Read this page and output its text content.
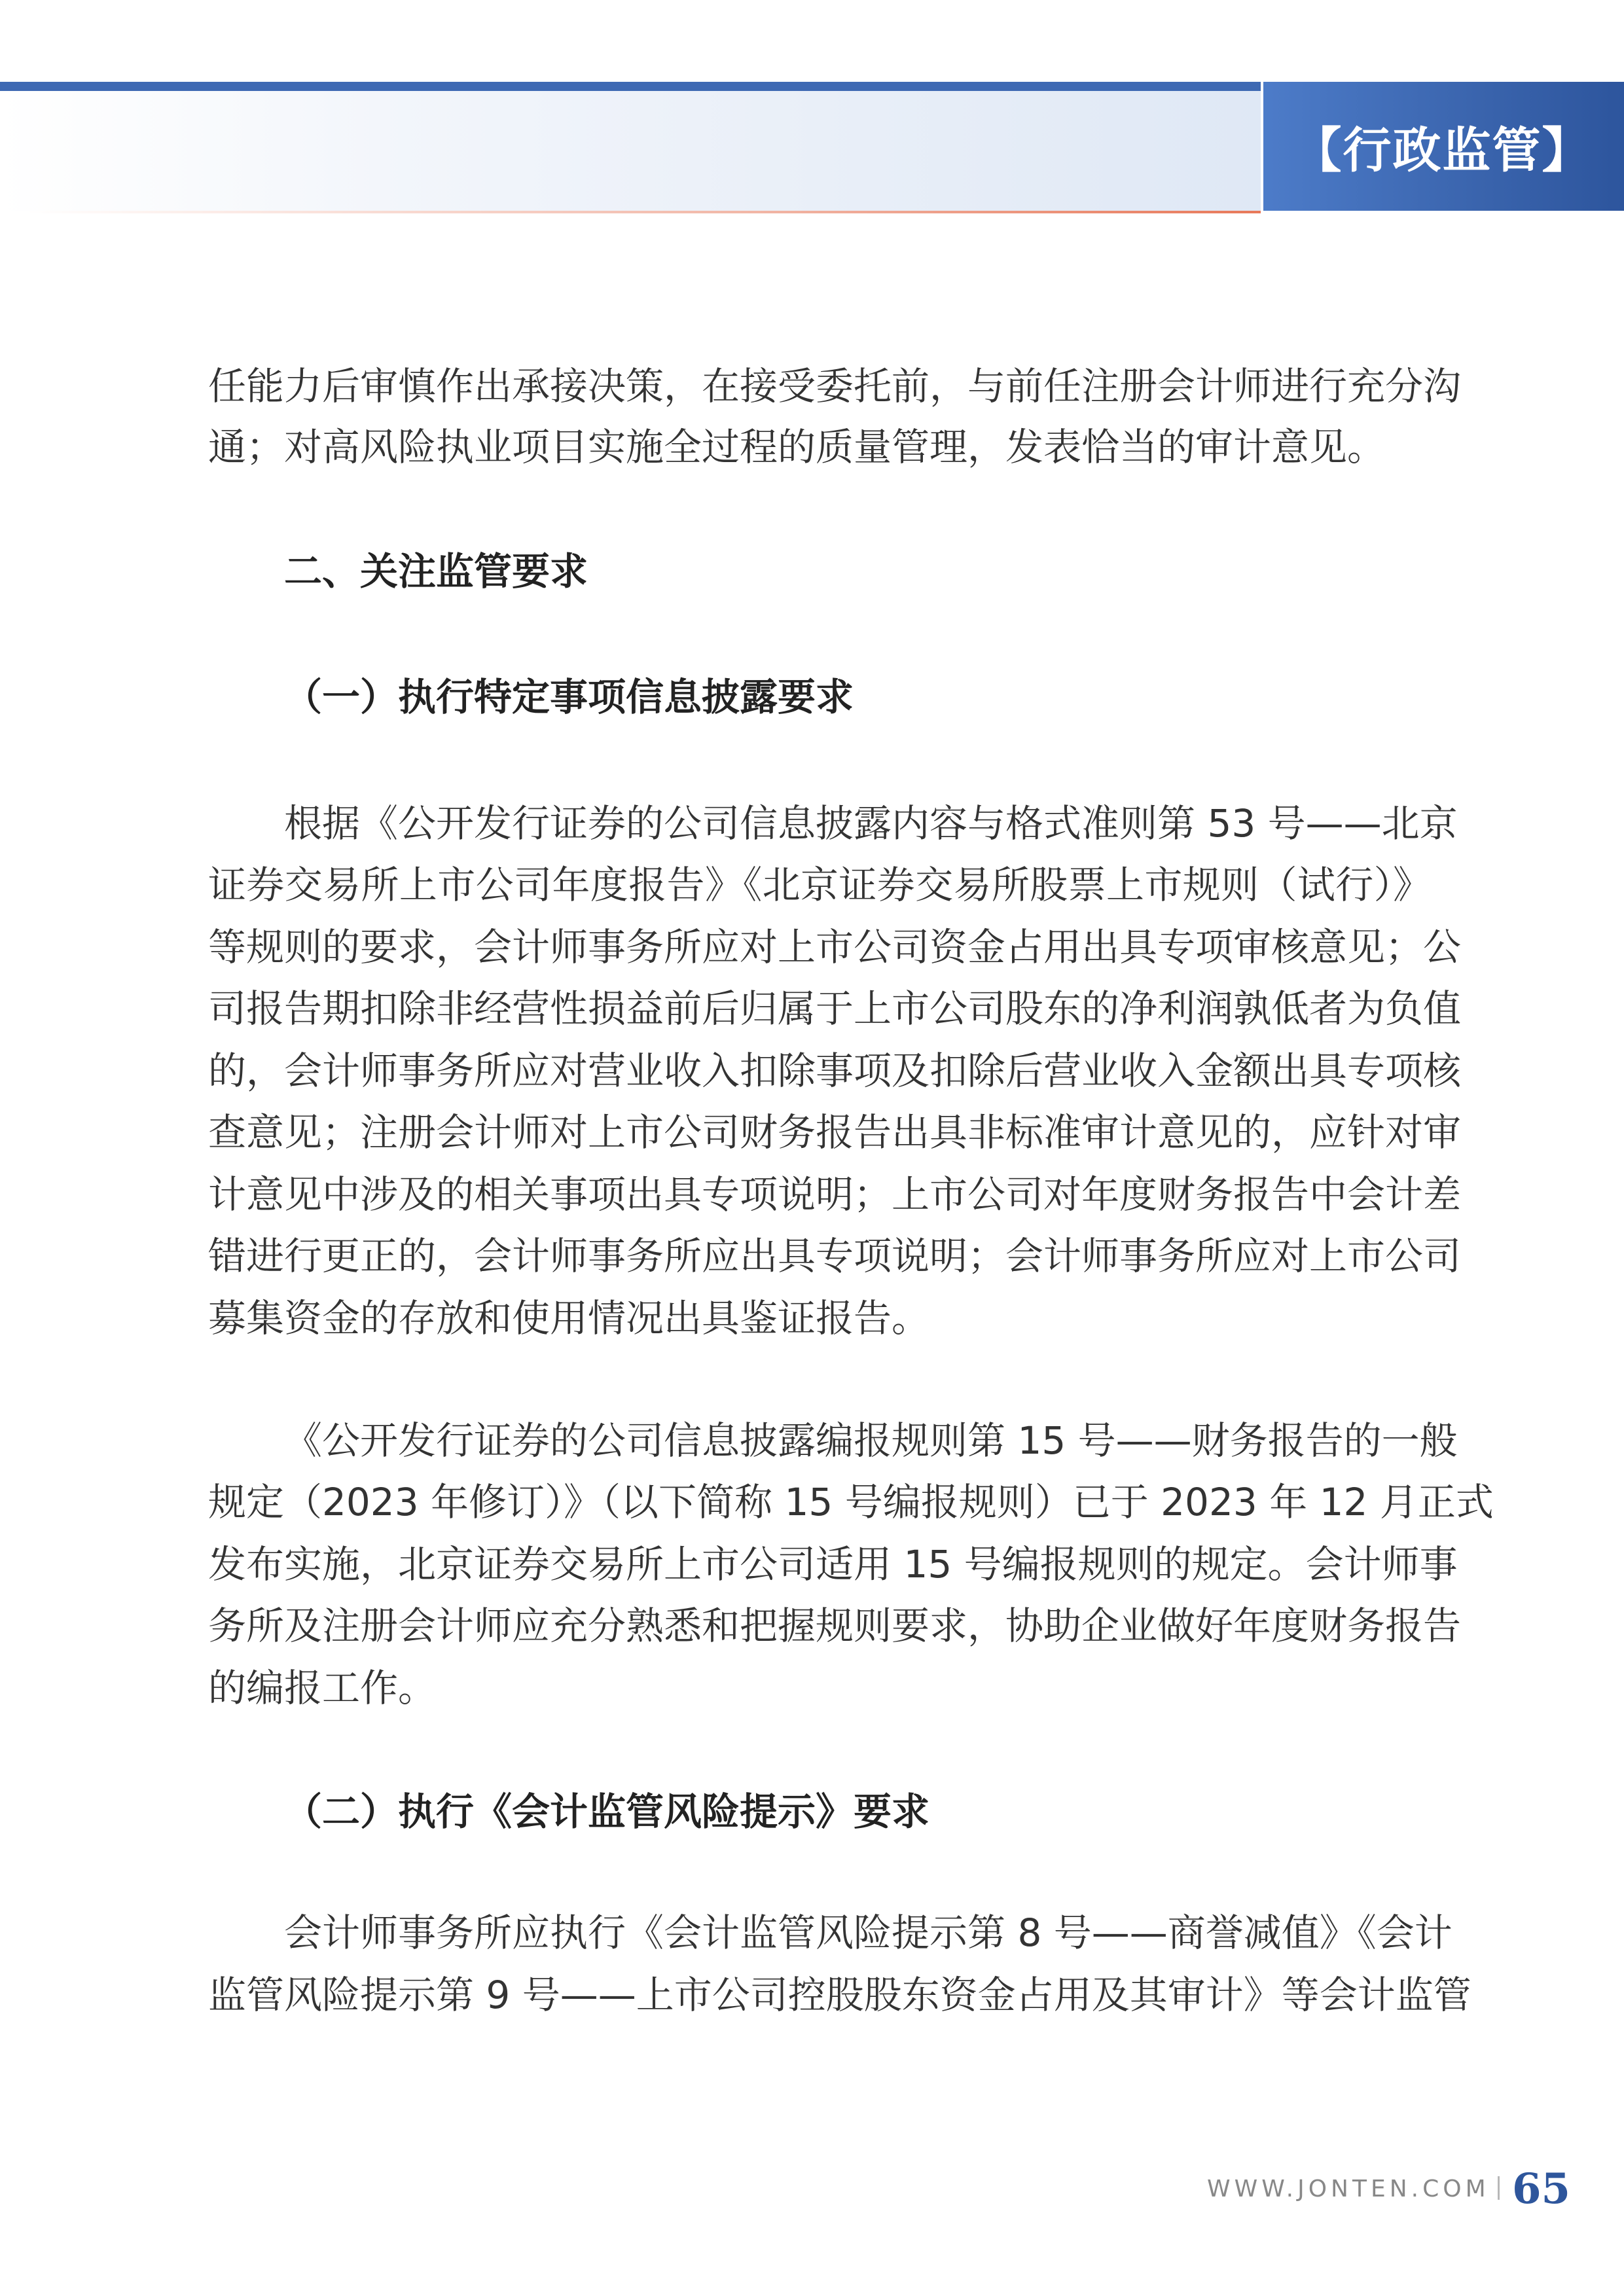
【行政监管】
任能力后审慎作出承接决策，在接受委托前，与前任注册会计师进行充分沟
通；对高风险执业项目实施全过程的质量管理，发表恰当的审计意见。
二、关注监管要求
（一）执行特定事项信息披露要求
根据《公开发行证券的公司信息披露内容与格式准则第 53 号——北京
证券交易所上市公司年度报告》《北京证券交易所股票上市规则（试行）》
等规则的要求，会计师事务所应对上市公司资金占用出具专项审核意见；公
司报告期扣除非经营性损益前后归属于上市公司股东的净利润孰低者为负值
的，会计师事务所应对营业收入扣除事项及扣除后营业收入金额出具专项核
查意见；注册会计师对上市公司财务报告出具非标准审计意见的，应针对审
计意见中涉及的相关事项出具专项说明；上市公司对年度财务报告中会计差
错进行更正的，会计师事务所应出具专项说明；会计师事务所应对上市公司
募集资金的存放和使用情况出具鉴证报告。
《公开发行证券的公司信息披露编报规则第 15 号——财务报告的一般
规定（2023 年修订）》（以下简称 15 号编报规则）已于 2023 年 12 月正式
发布实施，北京证券交易所上市公司适用 15 号编报规则的规定。会计师事
务所及注册会计师应充分熟悉和把握规则要求，协助企业做好年度财务报告
的编报工作。
（二）执行《会计监管风险提示》要求
会计师事务所应执行《会计监管风险提示第 8 号——商誉减值》《会计
监管风险提示第 9 号——上市公司控股股东资金占用及其审计》等会计监管
WWW.JONTEN.COM 65
